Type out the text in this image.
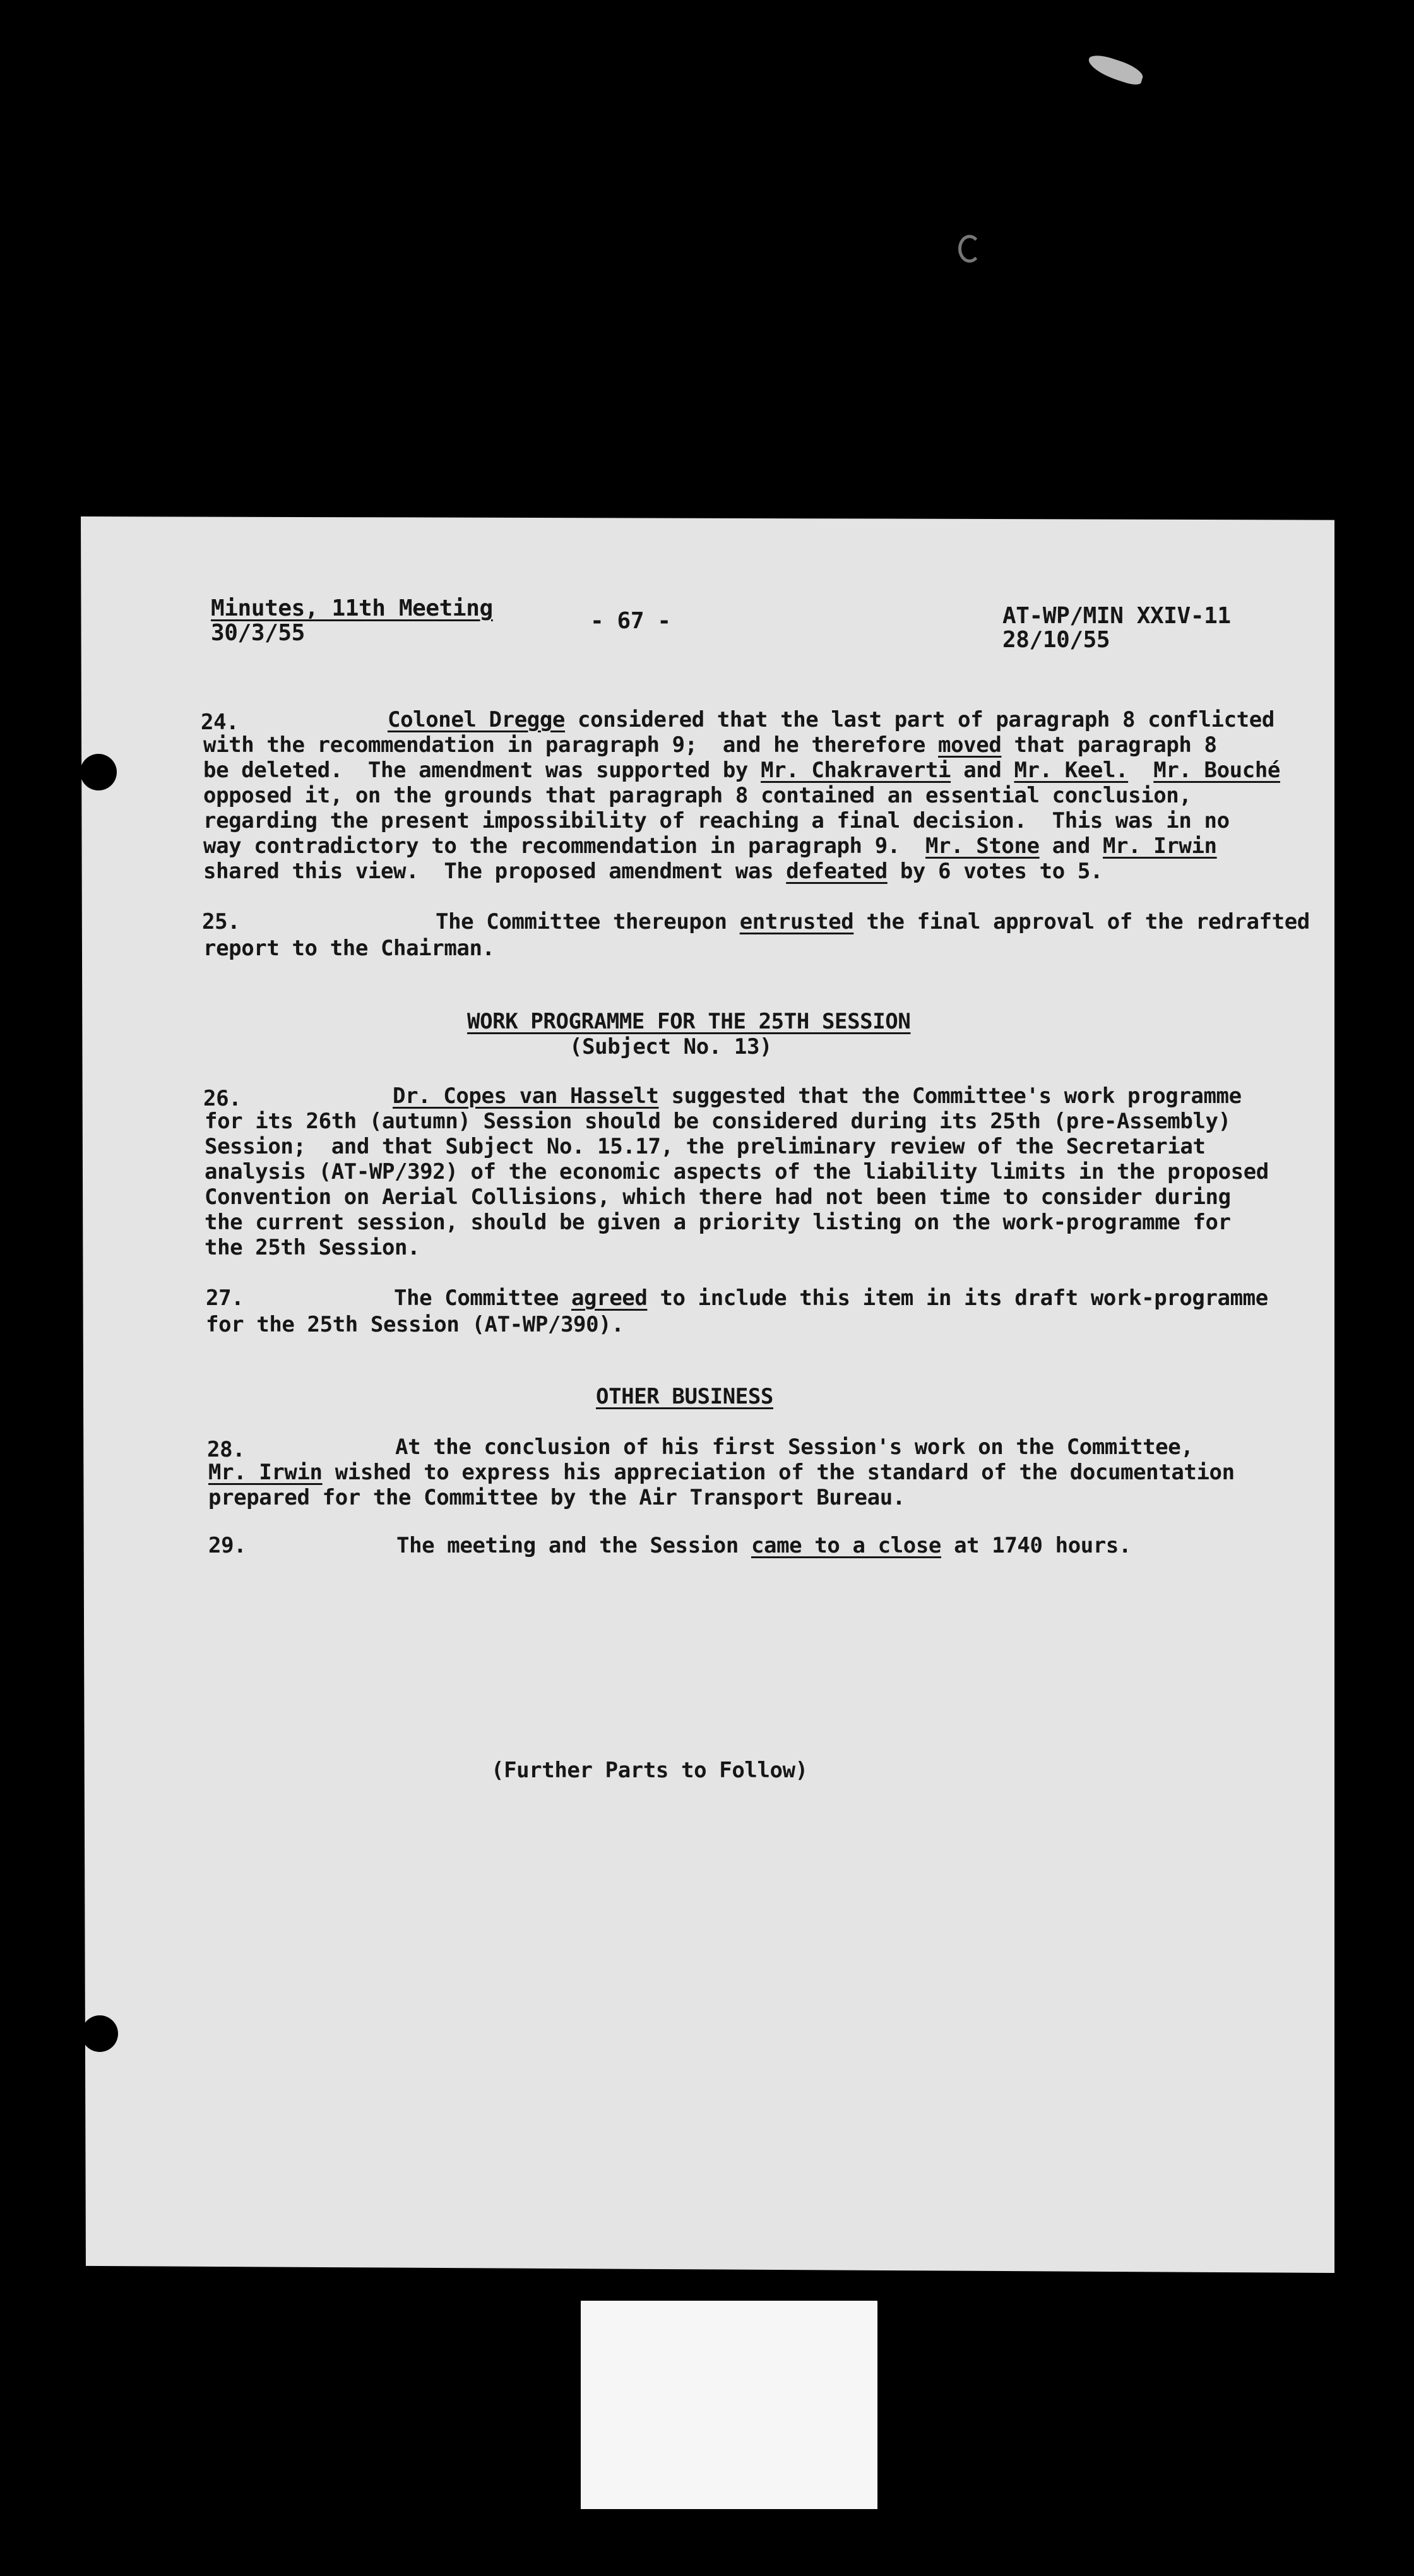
Minutes, 11th Meeting
30/3/55	- 67 -	AT-WP/MIN XXIV-11
28/10/55
24.	Colonel Dregge considered that the last part of paragraph 8 conflicted
with the recommendation in paragraph 9;  and he therefore moved that paragraph 8
be deleted.  The amendment was supported by Mr. Chakraverti and Mr. Keel. Mr. Bouché
opposed it, on the grounds that paragraph 8 contained an essential conclusion,
regarding the present impossibility of reaching a final decision.  This was in no
way contradictory to the recommendation in paragraph 9.  Mr. Stone and Mr. Irwin
shared this view.  The proposed amendment was defeated by 6 votes to 5.
25.	The Committee thereupon entrusted the final approval of the redrafted
report to the Chairman.
WORK PROGRAMME FOR THE 25TH SESSION
(Subject No. 13)
26.	Dr. Copes van Hasselt suggested that the Committee's work programme
for its 26th (autumn) Session should be considered during its 25th (pre-Assembly)
Session;  and that Subject No. 15.17, the preliminary review of the Secretariat
analysis (AT-WP/392) of the economic aspects of the liability limits in the proposed
Convention on Aerial Collisions, which there had not been time to consider during
the current session, should be given a priority listing on the work-programme for
the 25th Session.
27.	The Committee agreed to include this item in its draft work-programme
for the 25th Session (AT-WP/390).
OTHER BUSINESS
28.	At the conclusion of his first Session's work on the Committee,
Mr. Irwin wished to express his appreciation of the standard of the documentation
prepared for the Committee by the Air Transport Bureau.
29.	The meeting and the Session came to a close at 1740 hours.
(Further Parts to Follow)
